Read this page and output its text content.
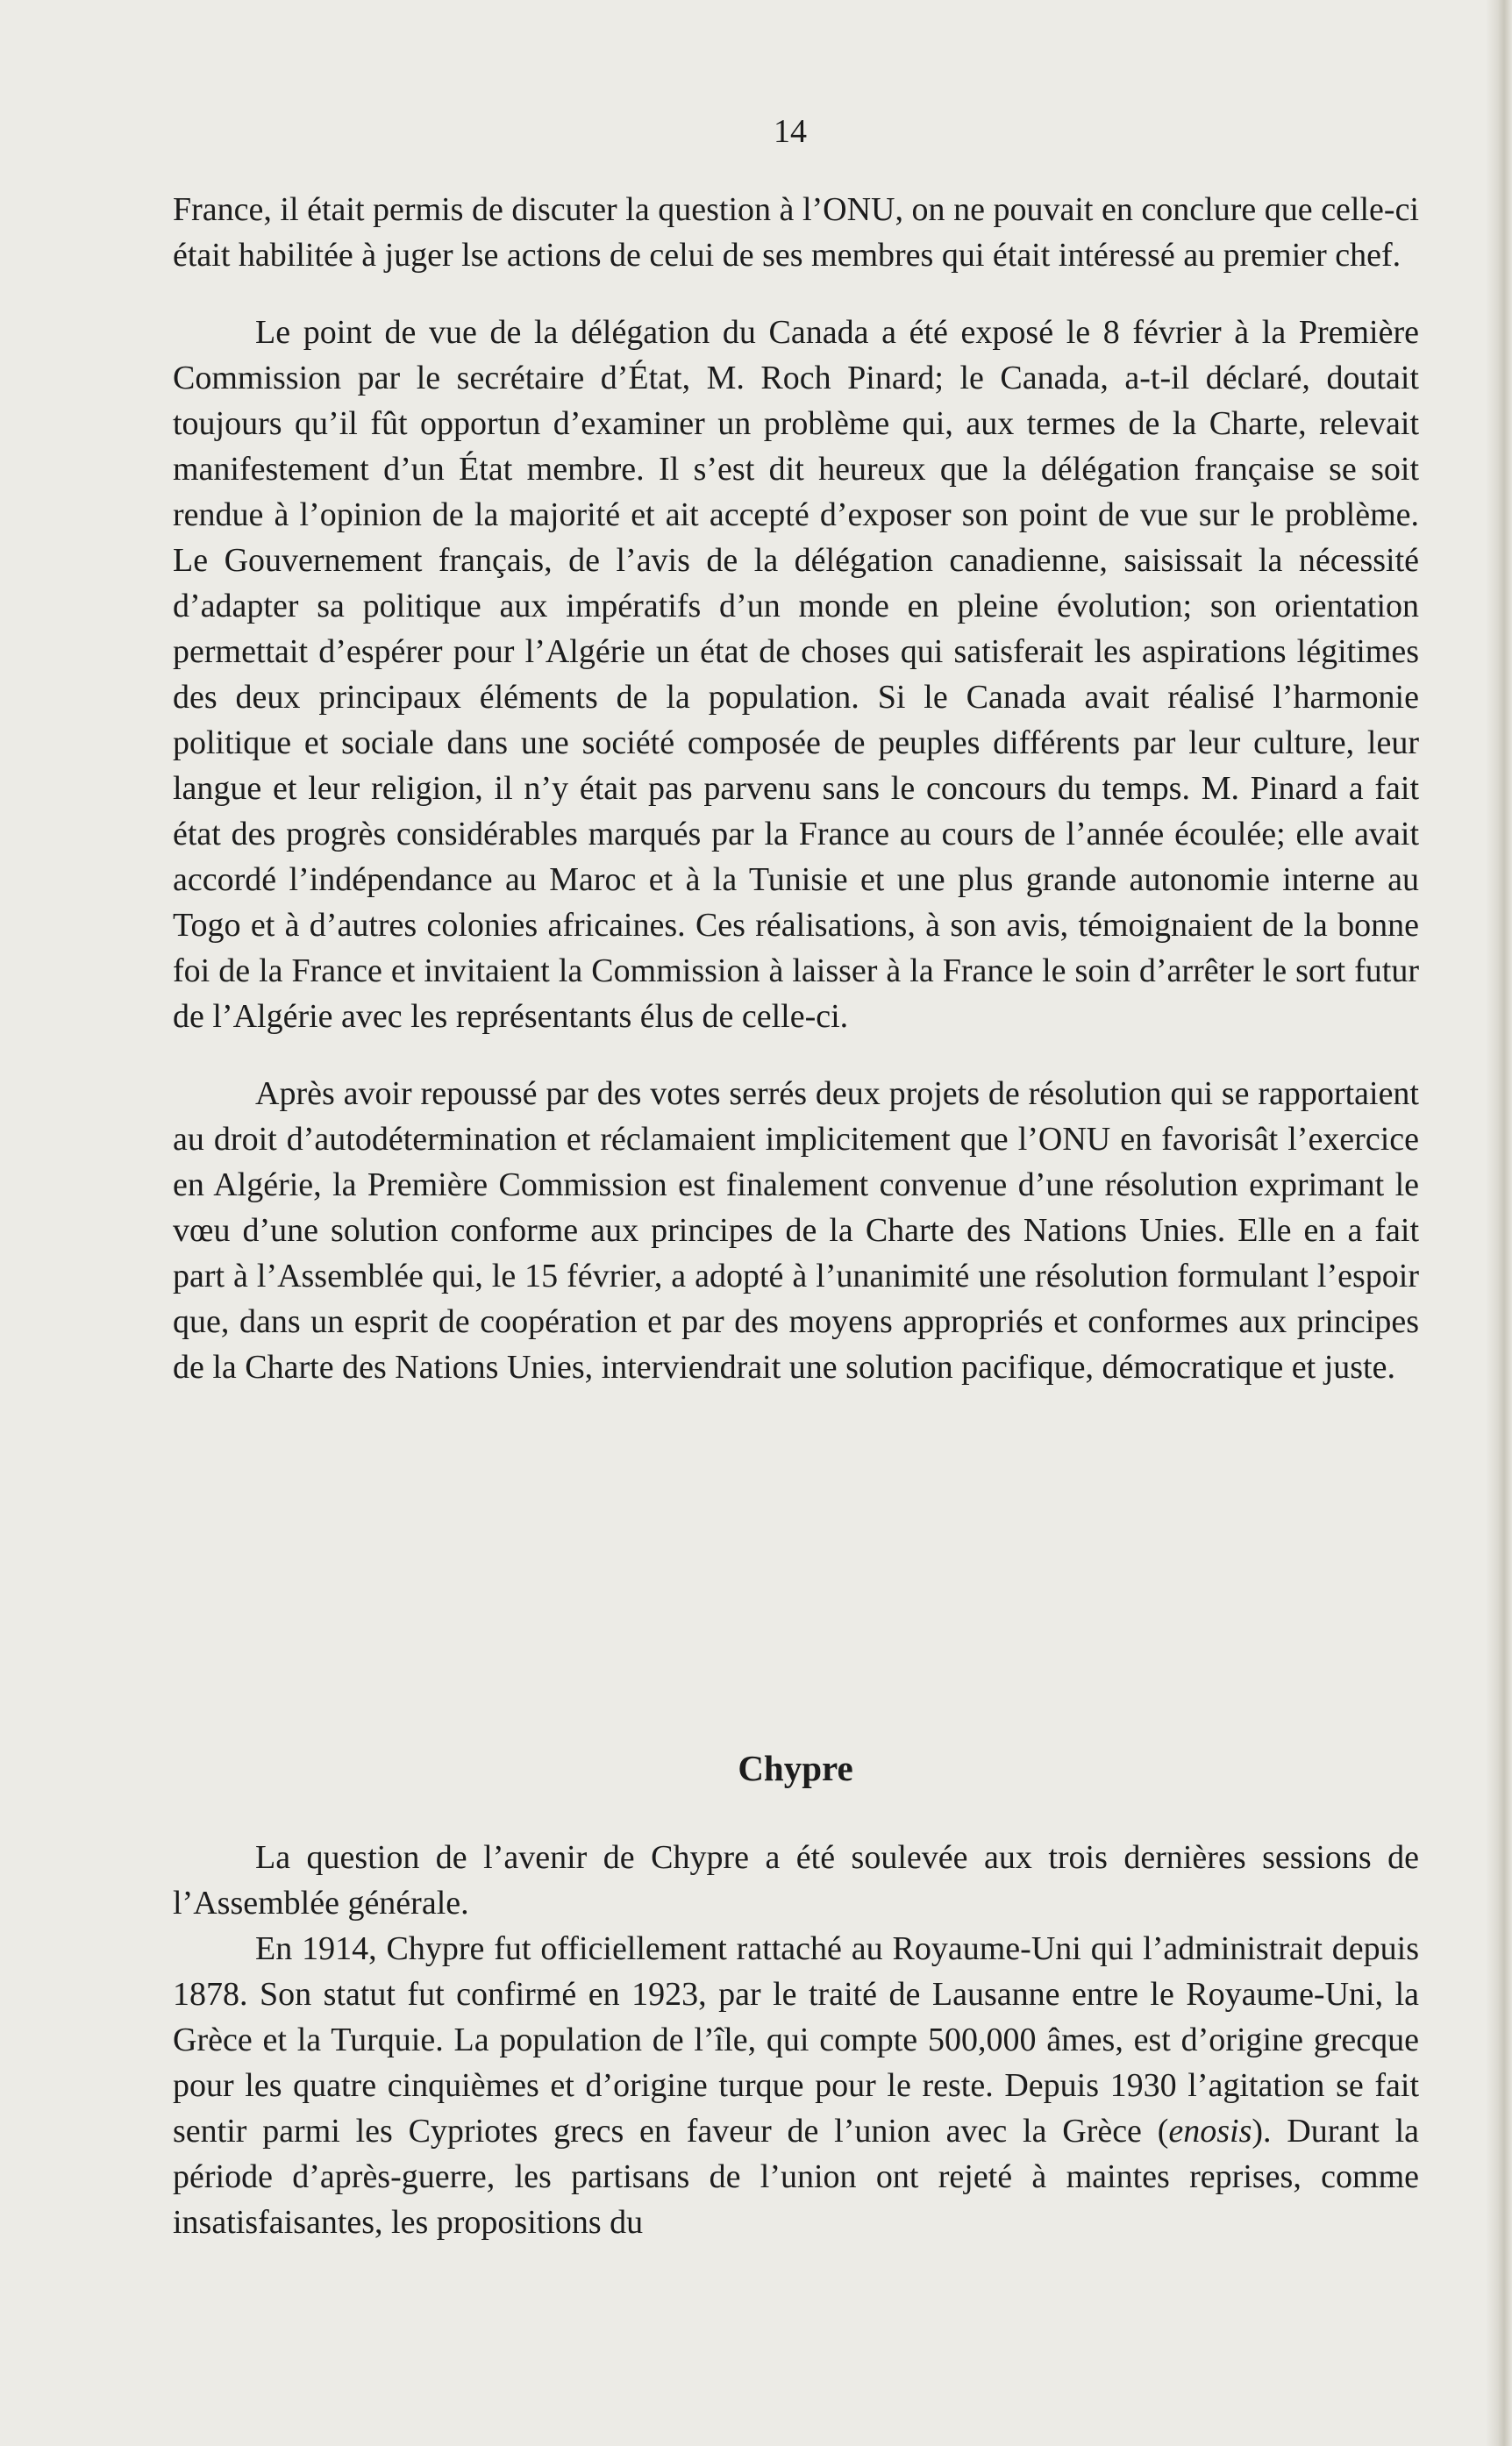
14

France, il était permis de discuter la question à l’ONU, on ne pouvait en conclure que celle-ci était habilitée à juger lse actions de celui de ses membres qui était intéressé au premier chef.

Le point de vue de la délégation du Canada a été exposé le 8 février à la Première Commission par le secrétaire d’État, M. Roch Pinard; le Canada, a-t-il déclaré, doutait toujours qu’il fût opportun d’examiner un problème qui, aux termes de la Charte, relevait manifestement d’un État membre. Il s’est dit heureux que la délégation française se soit rendue à l’opinion de la majorité et ait accepté d’exposer son point de vue sur le problème. Le Gouvernement français, de l’avis de la délégation canadienne, saisissait la nécessité d’adapter sa politique aux impératifs d’un monde en pleine évolution; son orientation permettait d’espérer pour l’Algérie un état de choses qui satisferait les aspirations légitimes des deux principaux éléments de la population. Si le Canada avait réalisé l’harmonie politique et sociale dans une société composée de peuples différents par leur culture, leur langue et leur religion, il n’y était pas parvenu sans le concours du temps. M. Pinard a fait état des progrès considérables marqués par la France au cours de l’année écoulée; elle avait accordé l’indépendance au Maroc et à la Tunisie et une plus grande autonomie interne au Togo et à d’autres colonies africaines. Ces réalisations, à son avis, témoignaient de la bonne foi de la France et invitaient la Commission à laisser à la France le soin d’arrêter le sort futur de l’Algérie avec les représentants élus de celle-ci.

Après avoir repoussé par des votes serrés deux projets de résolution qui se rapportaient au droit d’autodétermination et réclamaient implicitement que l’ONU en favorisât l’exercice en Algérie, la Première Commission est finalement convenue d’une résolution exprimant le vœu d’une solution conforme aux principes de la Charte des Nations Unies. Elle en a fait part à l’Assemblée qui, le 15 février, a adopté à l’unanimité une résolution formulant l’espoir que, dans un esprit de coopération et par des moyens appropriés et conformes aux principes de la Charte des Nations Unies, interviendrait une solution pacifique, démocratique et juste.

Chypre

La question de l’avenir de Chypre a été soulevée aux trois dernières sessions de l’Assemblée générale.

En 1914, Chypre fut officiellement rattaché au Royaume-Uni qui l’administrait depuis 1878. Son statut fut confirmé en 1923, par le traité de Lausanne entre le Royaume-Uni, la Grèce et la Turquie. La population de l’île, qui compte 500,000 âmes, est d’origine grecque pour les quatre cinquièmes et d’origine turque pour le reste. Depuis 1930 l’agitation se fait sentir parmi les Cypriotes grecs en faveur de l’union avec la Grèce (enosis). Durant la période d’après-guerre, les partisans de l’union ont rejeté à maintes reprises, comme insatisfaisantes, les propositions du
